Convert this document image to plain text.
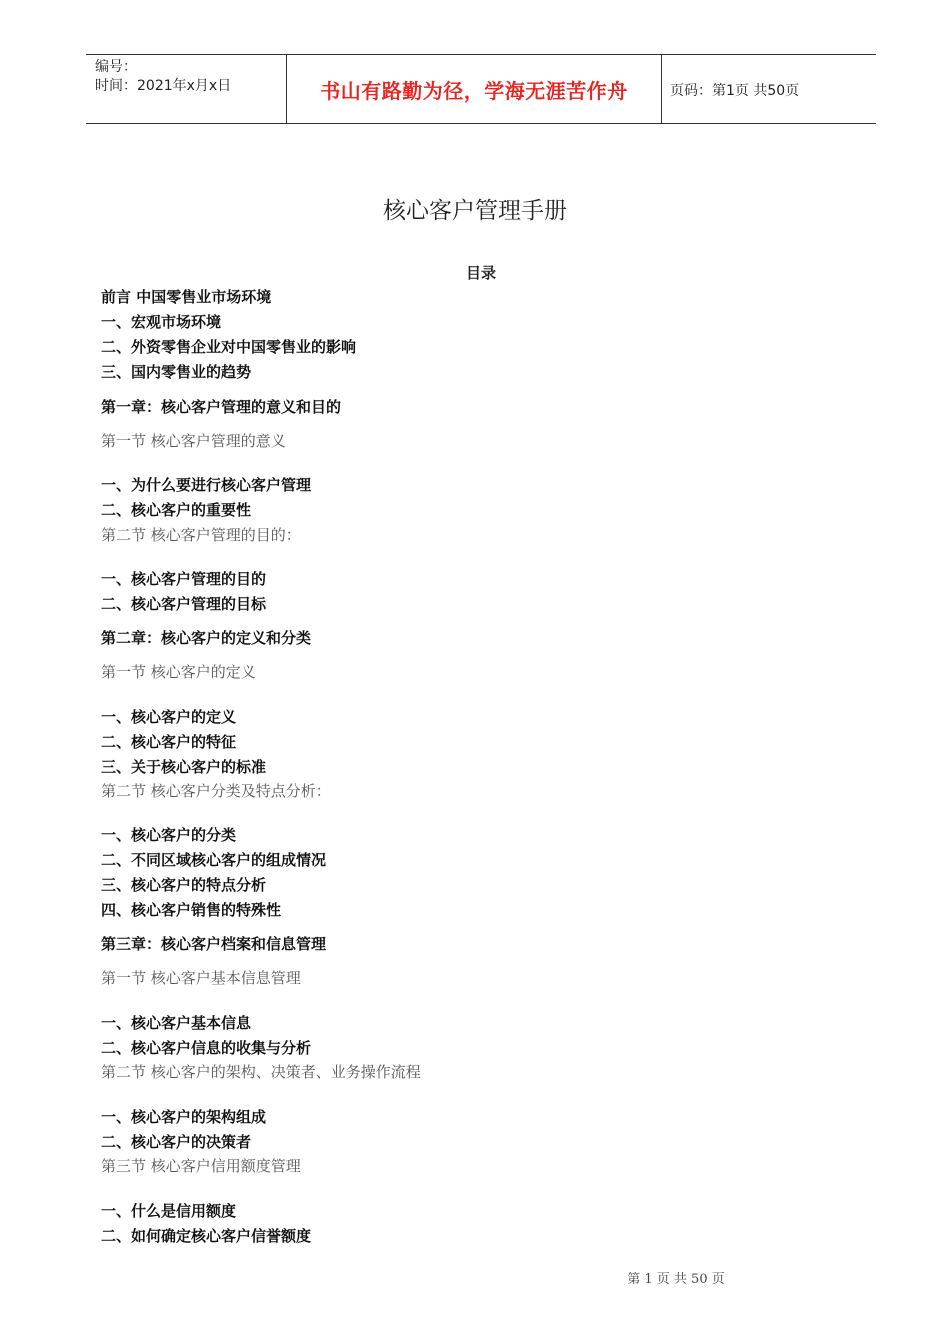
编号：
时间：2021年x月x日	书山有路勤为径，学海无涯苦作舟	页码：第1页 共50页
核心客户管理手册
目录
前言 中国零售业市场环境
一、宏观市场环境
二、外资零售企业对中国零售业的影响
三、国内零售业的趋势
第一章：核心客户管理的意义和目的
第一节 核心客户管理的意义
一、为什么要进行核心客户管理
二、核心客户的重要性
第二节 核心客户管理的目的：
一、核心客户管理的目的
二、核心客户管理的目标
第二章：核心客户的定义和分类
第一节 核心客户的定义
一、核心客户的定义
二、核心客户的特征
三、关于核心客户的标准
第二节 核心客户分类及特点分析：
一、核心客户的分类
二、不同区域核心客户的组成情况
三、核心客户的特点分析
四、核心客户销售的特殊性
第三章：核心客户档案和信息管理
第一节 核心客户基本信息管理
一、核心客户基本信息
二、核心客户信息的收集与分析
第二节 核心客户的架构、决策者、业务操作流程
一、核心客户的架构组成
二、核心客户的决策者
第三节 核心客户信用额度管理
一、什么是信用额度
二、如何确定核心客户信誉额度
第 1 页 共 50 页
